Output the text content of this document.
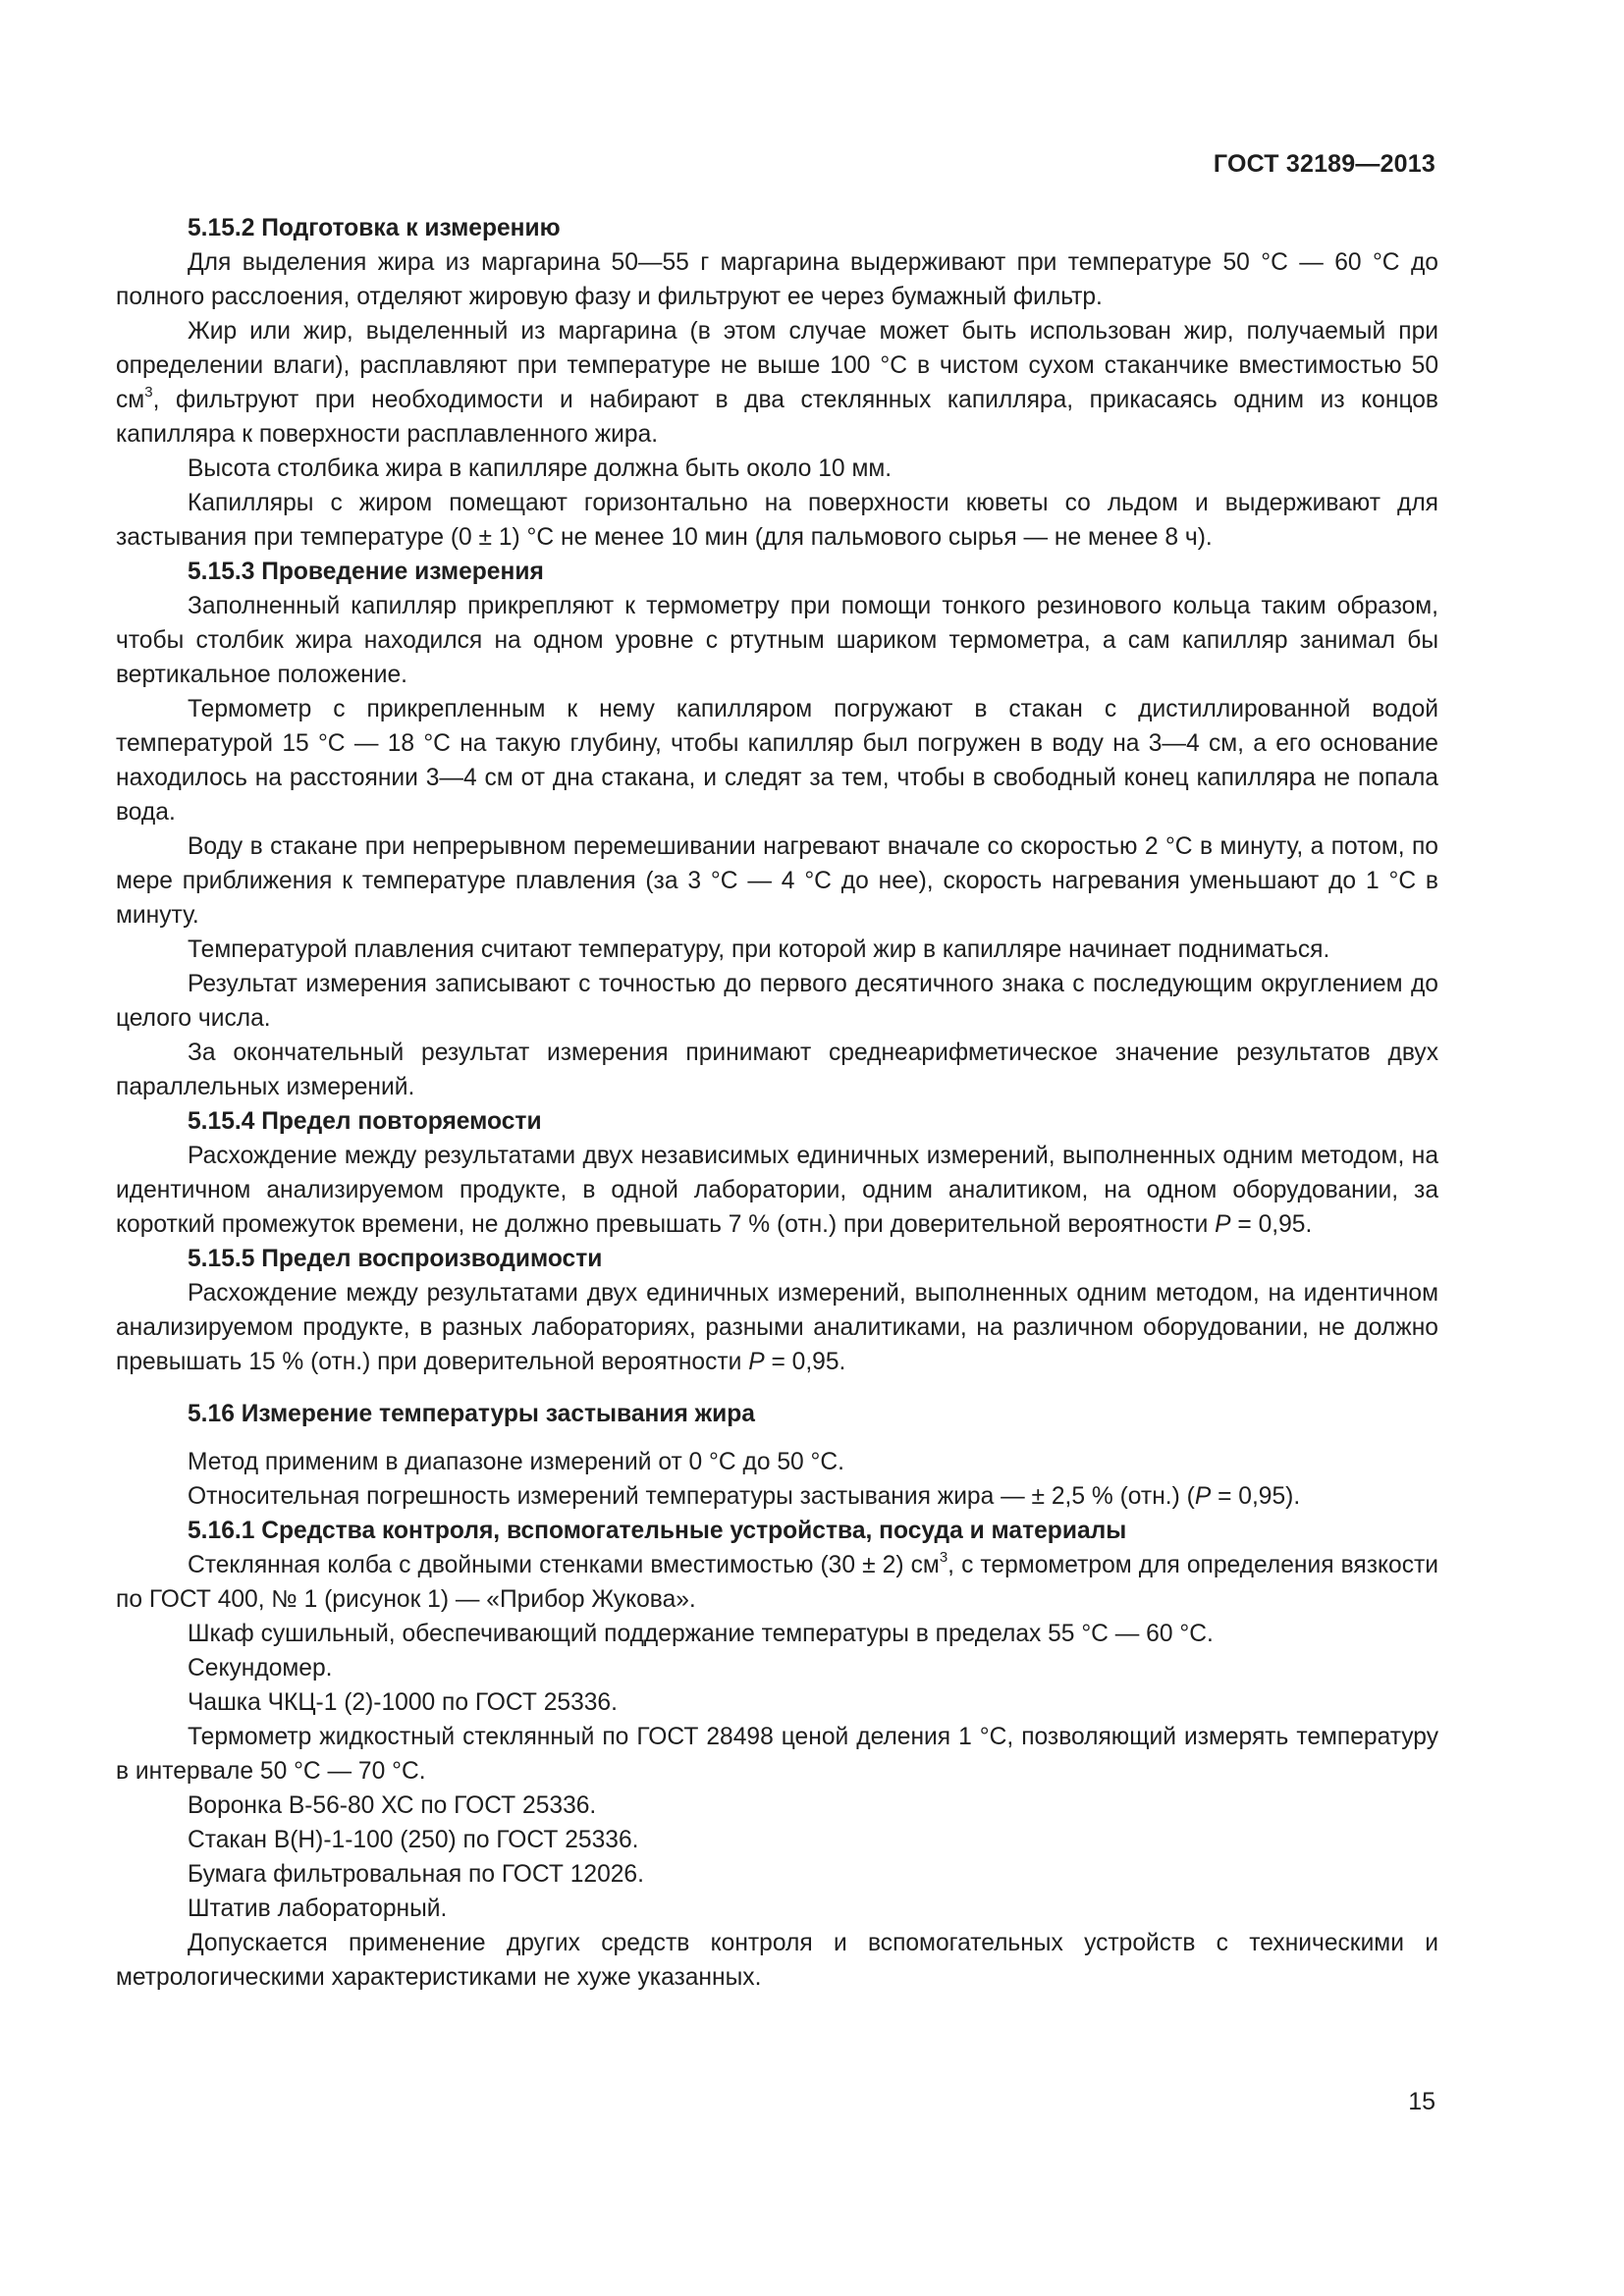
ГОСТ 32189—2013

5.15.2 Подготовка к измерению

Для выделения жира из маргарина 50—55 г маргарина выдерживают при температуре 50 °С — 60 °С до полного расслоения, отделяют жировую фазу и фильтруют ее через бумажный фильтр.

Жир или жир, выделенный из маргарина (в этом случае может быть использован жир, получаемый при определении влаги), расплавляют при температуре не выше 100 °С в чистом сухом стаканчике вместимостью 50 $см^3$, фильтруют при необходимости и набирают в два стеклянных капилляра, прикасаясь одним из концов капилляра к поверхности расплавленного жира.

Высота столбика жира в капилляре должна быть около 10 мм.

Капилляры с жиром помещают горизонтально на поверхности кюветы со льдом и выдерживают для застывания при температуре (0 ± 1) °С не менее 10 мин (для пальмового сырья — не менее 8 ч).

5.15.3 Проведение измерения

Заполненный капилляр прикрепляют к термометру при помощи тонкого резинового кольца таким образом, чтобы столбик жира находился на одном уровне с ртутным шариком термометра, а сам капилляр занимал бы вертикальное положение.

Термометр с прикрепленным к нему капилляром погружают в стакан с дистиллированной водой температурой 15 °С — 18 °С на такую глубину, чтобы капилляр был погружен в воду на 3—4 см, а его основание находилось на расстоянии 3—4 см от дна стакана, и следят за тем, чтобы в свободный конец капилляра не попала вода.

Воду в стакане при непрерывном перемешивании нагревают вначале со скоростью 2 °С в минуту, а потом, по мере приближения к температуре плавления (за 3 °С — 4 °С до нее), скорость нагревания уменьшают до 1 °С в минуту.

Температурой плавления считают температуру, при которой жир в капилляре начинает подниматься.

Результат измерения записывают с точностью до первого десятичного знака с последующим округлением до целого числа.

За окончательный результат измерения принимают среднеарифметическое значение результатов двух параллельных измерений.

5.15.4 Предел повторяемости

Расхождение между результатами двух независимых единичных измерений, выполненных одним методом, на идентичном анализируемом продукте, в одной лаборатории, одним аналитиком, на одном оборудовании, за короткий промежуток времени, не должно превышать 7 % (отн.) при доверительной вероятности P = 0,95.

5.15.5 Предел воспроизводимости

Расхождение между результатами двух единичных измерений, выполненных одним методом, на идентичном анализируемом продукте, в разных лабораториях, разными аналитиками, на различном оборудовании, не должно превышать 15 % (отн.) при доверительной вероятности P = 0,95.

5.16 Измерение температуры застывания жира

Метод применим в диапазоне измерений от 0 °С до 50 °С.

Относительная погрешность измерений температуры застывания жира — ± 2,5 % (отн.) (P = 0,95).

5.16.1 Средства контроля, вспомогательные устройства, посуда и материалы

Стеклянная колба с двойными стенками вместимостью (30 ± 2) $см^3$, с термометром для определения вязкости по ГОСТ 400, № 1 (рисунок 1) — «Прибор Жукова».

Шкаф сушильный, обеспечивающий поддержание температуры в пределах 55 °С — 60 °С.

Секундомер.

Чашка ЧКЦ-1 (2)-1000 по ГОСТ 25336.

Термометр жидкостный стеклянный по ГОСТ 28498 ценой деления 1 °С, позволяющий измерять температуру в интервале 50 °С — 70 °С.

Воронка В-56-80 ХС по ГОСТ 25336.

Стакан В(Н)-1-100 (250) по ГОСТ 25336.

Бумага фильтровальная по ГОСТ 12026.

Штатив лабораторный.

Допускается применение других средств контроля и вспомогательных устройств с техническими и метрологическими характеристиками не хуже указанных.

15
